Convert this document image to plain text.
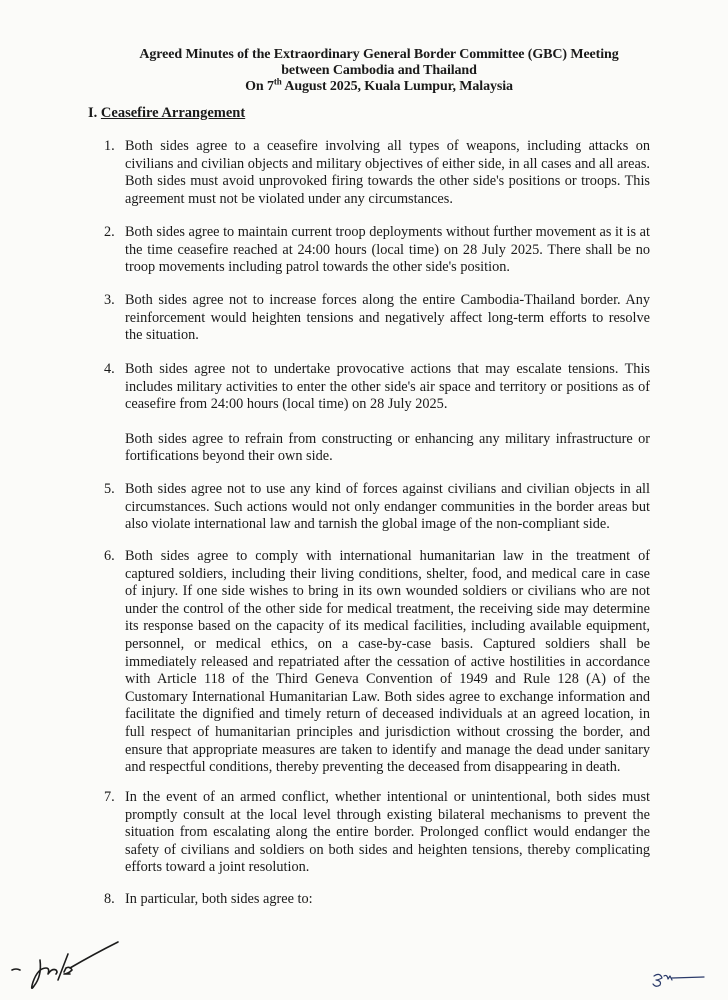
Agreed Minutes of the Extraordinary General Border Committee (GBC) Meeting
between Cambodia and Thailand
On 7th August 2025, Kuala Lumpur, Malaysia
I. Ceasefire Arrangement
1. Both sides agree to a ceasefire involving all types of weapons, including attacks on civilians and civilian objects and military objectives of either side, in all cases and all areas. Both sides must avoid unprovoked firing towards the other side's positions or troops. This agreement must not be violated under any circumstances.

2. Both sides agree to maintain current troop deployments without further movement as it is at the time ceasefire reached at 24:00 hours (local time) on 28 July 2025. There shall be no troop movements including patrol towards the other side's position.

3. Both sides agree not to increase forces along the entire Cambodia-Thailand border. Any reinforcement would heighten tensions and negatively affect long-term efforts to resolve the situation.

4. Both sides agree not to undertake provocative actions that may escalate tensions. This includes military activities to enter the other side's air space and territory or positions as of ceasefire from 24:00 hours (local time) on 28 July 2025.

Both sides agree to refrain from constructing or enhancing any military infrastructure or fortifications beyond their own side.

5. Both sides agree not to use any kind of forces against civilians and civilian objects in all circumstances. Such actions would not only endanger communities in the border areas but also violate international law and tarnish the global image of the non-compliant side.

6. Both sides agree to comply with international humanitarian law in the treatment of captured soldiers, including their living conditions, shelter, food, and medical care in case of injury. If one side wishes to bring in its own wounded soldiers or civilians who are not under the control of the other side for medical treatment, the receiving side may determine its response based on the capacity of its medical facilities, including available equipment, personnel, or medical ethics, on a case-by-case basis. Captured soldiers shall be immediately released and repatriated after the cessation of active hostilities in accordance with Article 118 of the Third Geneva Convention of 1949 and Rule 128 (A) of the Customary International Humanitarian Law. Both sides agree to exchange information and facilitate the dignified and timely return of deceased individuals at an agreed location, in full respect of humanitarian principles and jurisdiction without crossing the border, and ensure that appropriate measures are taken to identify and manage the dead under sanitary and respectful conditions, thereby preventing the deceased from disappearing in death.

7. In the event of an armed conflict, whether intentional or unintentional, both sides must promptly consult at the local level through existing bilateral mechanisms to prevent the situation from escalating along the entire border. Prolonged conflict would endanger the safety of civilians and soldiers on both sides and heighten tensions, thereby complicating efforts toward a joint resolution.

8. In particular, both sides agree to:
